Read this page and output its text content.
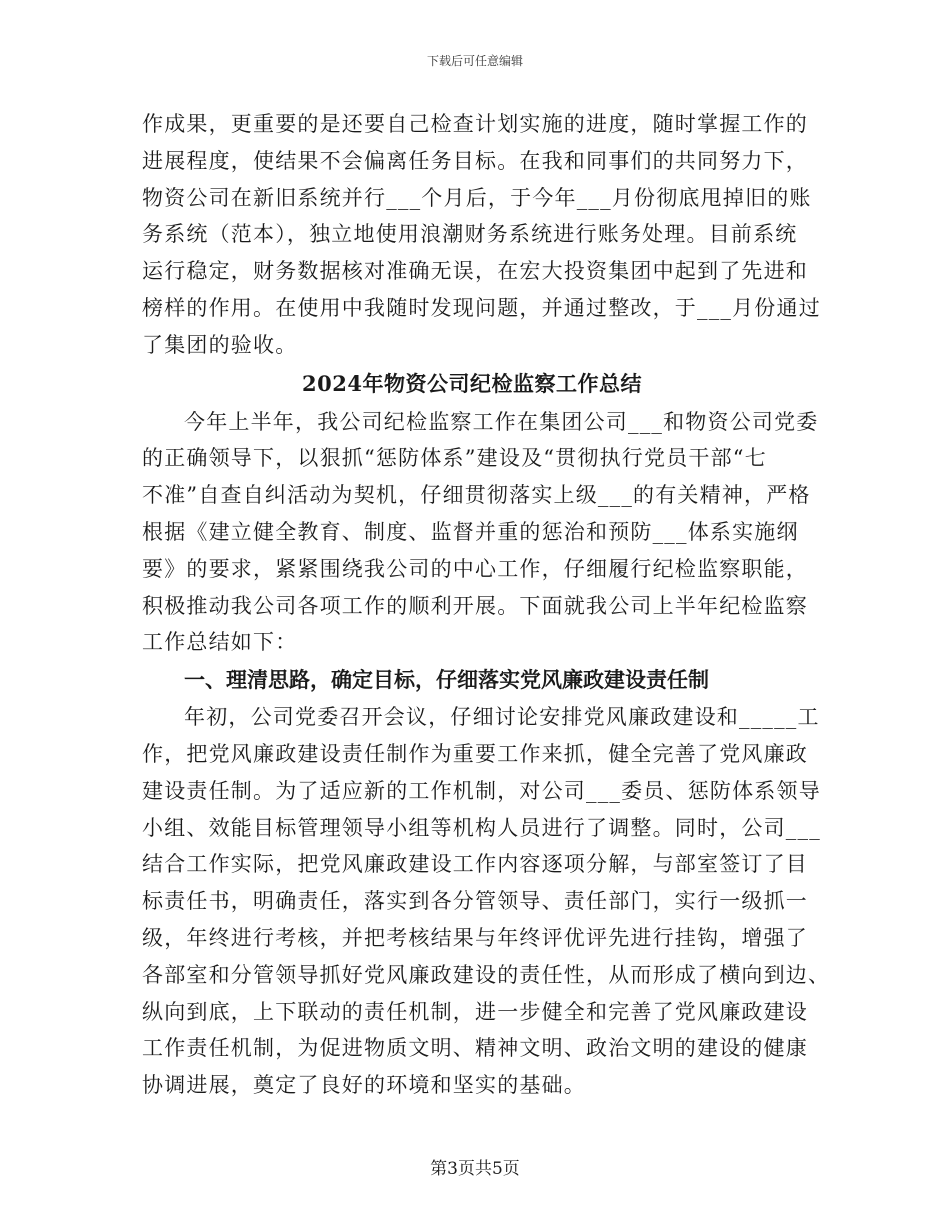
下载后可任意编辑
作成果，更重要的是还要自己检查计划实施的进度，随时掌握工作的
进展程度，使结果不会偏离任务目标。在我和同事们的共同努力下，
物资公司在新旧系统并行___个月后，于今年___月份彻底甩掉旧的账
务系统（范本），独立地使用浪潮财务系统进行账务处理。目前系统
运行稳定，财务数据核对准确无误，在宏大投资集团中起到了先进和
榜样的作用。在使用中我随时发现问题，并通过整改，于___月份通过
了集团的验收。
2024年物资公司纪检监察工作总结
今年上半年，我公司纪检监察工作在集团公司___和物资公司党委
的正确领导下，以狠抓“惩防体系”建设及“贯彻执行党员干部“七
不准”自查自纠活动为契机，仔细贯彻落实上级___的有关精神，严格
根据《建立健全教育、制度、监督并重的惩治和预防___体系实施纲
要》的要求，紧紧围绕我公司的中心工作，仔细履行纪检监察职能，
积极推动我公司各项工作的顺利开展。下面就我公司上半年纪检监察
工作总结如下：
一、理清思路，确定目标，仔细落实党风廉政建设责任制
年初，公司党委召开会议，仔细讨论安排党风廉政建设和_____工
作，把党风廉政建设责任制作为重要工作来抓，健全完善了党风廉政
建设责任制。为了适应新的工作机制，对公司___委员、惩防体系领导
小组、效能目标管理领导小组等机构人员进行了调整。同时，公司___
结合工作实际，把党风廉政建设工作内容逐项分解，与部室签订了目
标责任书，明确责任，落实到各分管领导、责任部门，实行一级抓一
级，年终进行考核，并把考核结果与年终评优评先进行挂钩，增强了
各部室和分管领导抓好党风廉政建设的责任性，从而形成了横向到边、
纵向到底，上下联动的责任机制，进一步健全和完善了党风廉政建设
工作责任机制，为促进物质文明、精神文明、政治文明的建设的健康
协调进展，奠定了良好的环境和坚实的基础。
第3页共5页
